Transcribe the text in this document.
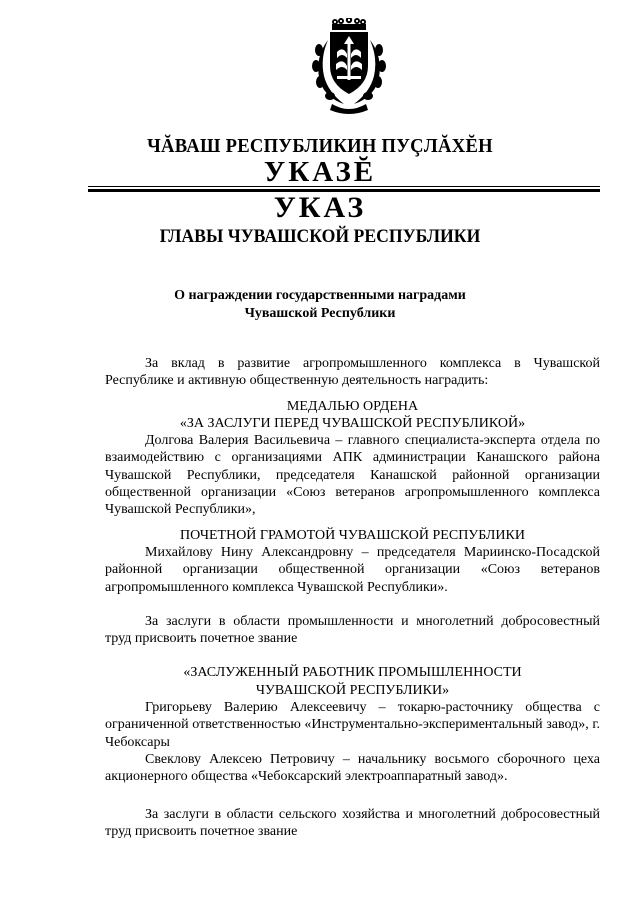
ЧĂВАШ РЕСПУБЛИКИН ПУÇЛĂХĔН
УКАЗĔ
УКАЗ
ГЛАВЫ ЧУВАШСКОЙ РЕСПУБЛИКИ
О награждении государственными наградами
Чувашской Республики

За вклад в развитие агропромышленного комплекса в Чувашской Республике и активную общественную деятельность наградить:

МЕДАЛЬЮ ОРДЕНА

«ЗА ЗАСЛУГИ ПЕРЕД ЧУВАШСКОЙ РЕСПУБЛИКОЙ»

Долгова Валерия Васильевича – главного специалиста-эксперта отдела по взаимодействию с организациями АПК администрации Канашского района Чувашской Республики, председателя Канашской районной организации общественной организации «Союз ветеранов агропромышленного комплекса Чувашской Республики»,

ПОЧЕТНОЙ ГРАМОТОЙ ЧУВАШСКОЙ РЕСПУБЛИКИ

Михайлову Нину Александровну – председателя Мариинско-Посадской районной организации общественной организации «Союз ветеранов агропромышленного комплекса Чувашской Республики».

За заслуги в области промышленности и многолетний добросовестный труд присвоить почетное звание

«ЗАСЛУЖЕННЫЙ РАБОТНИК ПРОМЫШЛЕННОСТИ

ЧУВАШСКОЙ РЕСПУБЛИКИ»

Григорьеву Валерию Алексеевичу – токарю-расточнику общества с ограниченной ответственностью «Инструментально-экспериментальный завод», г. Чебоксары

Свеклову Алексею Петровичу – начальнику восьмого сборочного цеха акционерного общества «Чебоксарский электроаппаратный завод».

За заслуги в области сельского хозяйства и многолетний добросовестный труд присвоить почетное звание
